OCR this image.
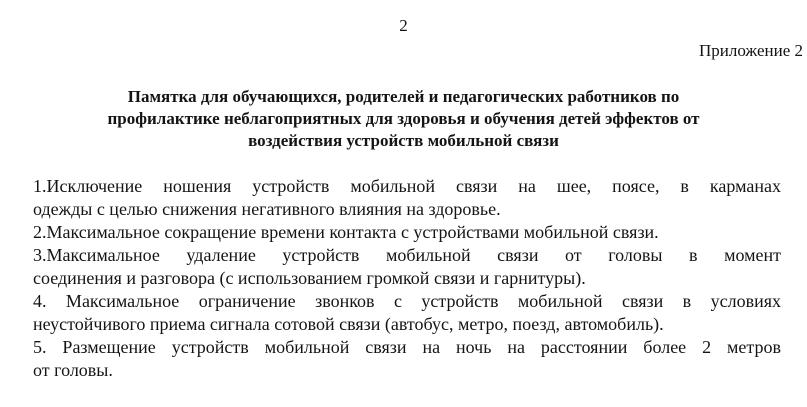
2
Приложение 2
Памятка для обучающихся, родителей и педагогических работников по
профилактике неблагоприятных для здоровья и обучения детей эффектов от
воздействия устройств мобильной связи
1.Исключение ношения устройств мобильной связи на шее, поясе, в карманах
одежды с целью снижения негативного влияния на здоровье.
2.Максимальное сокращение времени контакта с устройствами мобильной связи.
3.Максимальное удаление устройств мобильной связи от головы в момент
соединения и разговора (с использованием громкой связи и гарнитуры).
4. Максимальное ограничение звонков с устройств мобильной связи в условиях
неустойчивого приема сигнала сотовой связи (автобус, метро, поезд, автомобиль).
5. Размещение устройств мобильной связи на ночь на расстоянии более 2 метров
от головы.
